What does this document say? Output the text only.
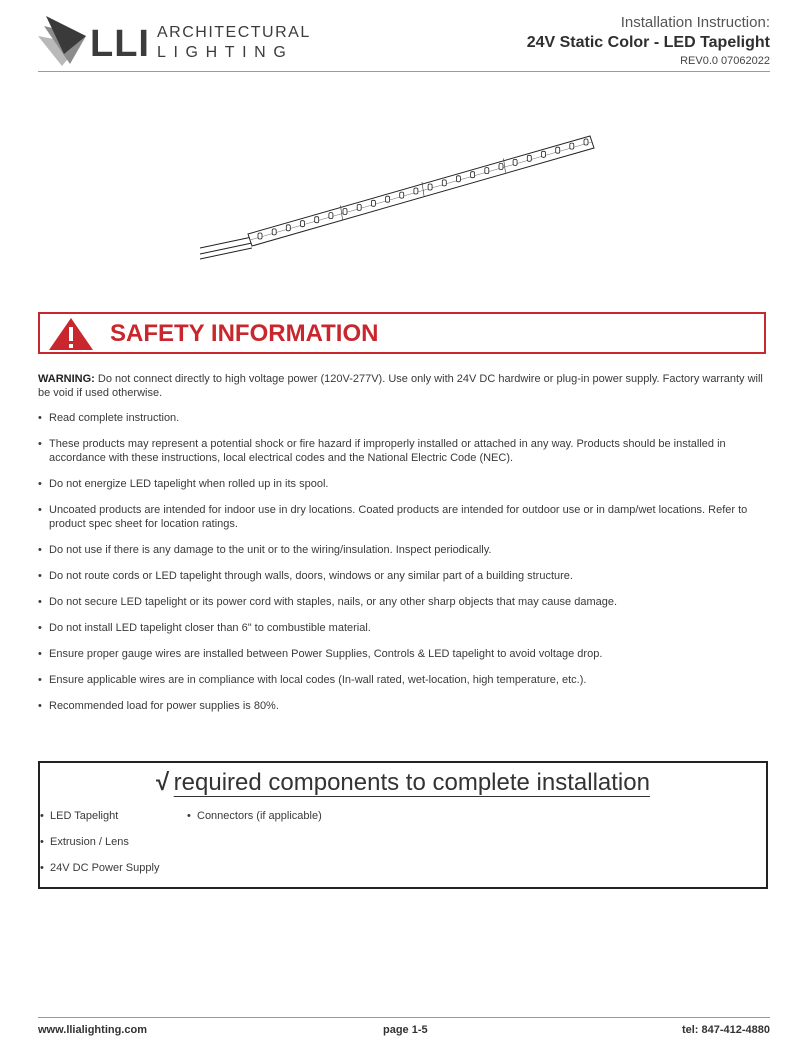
LLI ARCHITECTURAL
LIGHTING
Installation Instruction:
24V Static Color - LED Tapelight
REV0.0 07062022
SAFETY INFORMATION
WARNING: Do not connect directly to high voltage power (120V-277V). Use only with 24V DC hardwire or plug-in power supply. Factory warranty will be void if used otherwise.
• Read complete instruction.
• These products may represent a potential shock or fire hazard if improperly installed or attached in any way. Products should be installed in accordance with these instructions, local electrical codes and the National Electric Code (NEC).
• Do not energize LED tapelight when rolled up in its spool.
• Uncoated products are intended for indoor use in dry locations. Coated products are intended for outdoor use or in damp/wet locations. Refer to product spec sheet for location ratings.
• Do not use if there is any damage to the unit or to the wiring/insulation. Inspect periodically.
• Do not route cords or LED tapelight through walls, doors, windows or any similar part of a building structure.
• Do not secure LED tapelight or its power cord with staples, nails, or any other sharp objects that may cause damage.
• Do not install LED tapelight closer than 6" to combustible material.
• Ensure proper gauge wires are installed between Power Supplies, Controls & LED tapelight to avoid voltage drop.
• Ensure applicable wires are in compliance with local codes (In-wall rated, wet-location, high temperature, etc.).
• Recommended load for power supplies is 80%.
√ required components to complete installation
• LED Tapelight
• Extrusion / Lens
• 24V DC Power Supply
• Connectors (if applicable)
www.llialighting.com	page 1-5	tel: 847-412-4880
